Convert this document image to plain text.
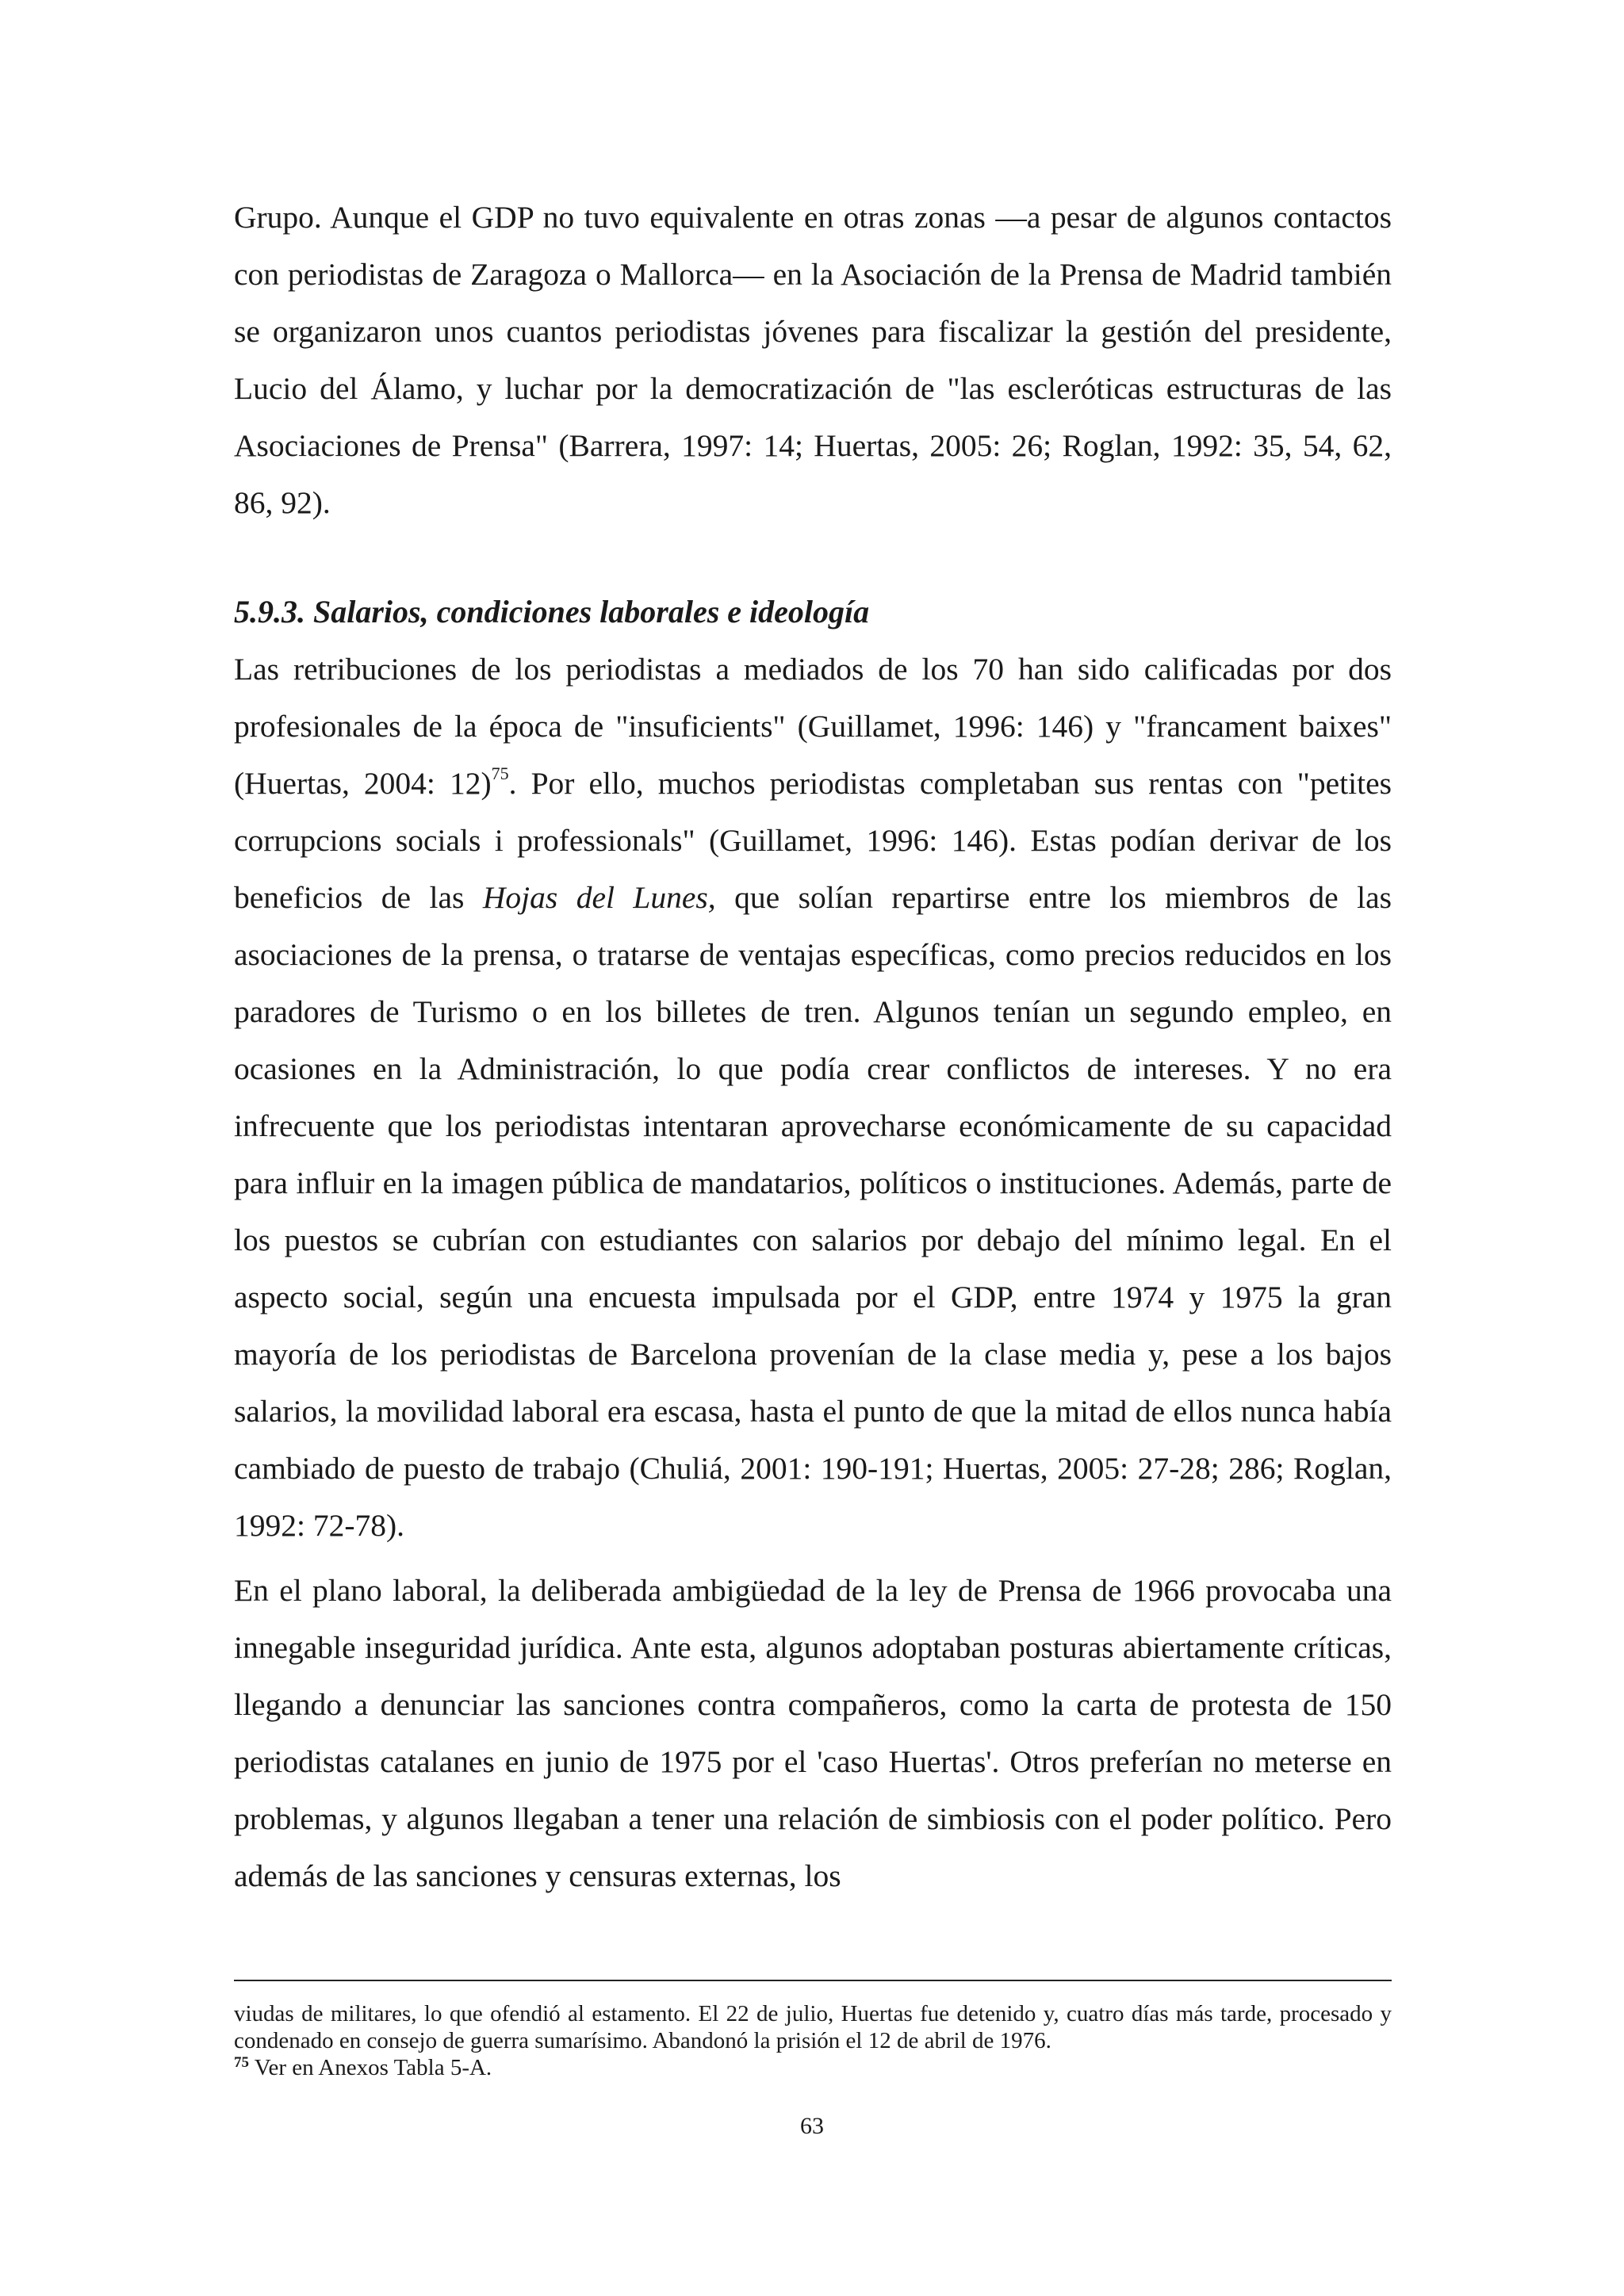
Grupo. Aunque el GDP no tuvo equivalente en otras zonas —a pesar de algunos contactos con periodistas de Zaragoza o Mallorca— en la Asociación de la Prensa de Madrid también se organizaron unos cuantos periodistas jóvenes para fiscalizar la gestión del presidente, Lucio del Álamo, y luchar por la democratización de "las escleróticas estructuras de las Asociaciones de Prensa" (Barrera, 1997: 14; Huertas, 2005: 26; Roglan, 1992: 35, 54, 62, 86, 92).

5.9.3. Salarios, condiciones laborales e ideología

Las retribuciones de los periodistas a mediados de los 70 han sido calificadas por dos profesionales de la época de "insuficients" (Guillamet, 1996: 146) y "francament baixes" (Huertas, 2004: 12)$^{75}$. Por ello, muchos periodistas completaban sus rentas con "petites corrupcions socials i professionals" (Guillamet, 1996: 146). Estas podían derivar de los beneficios de las Hojas del Lunes, que solían repartirse entre los miembros de las asociaciones de la prensa, o tratarse de ventajas específicas, como precios reducidos en los paradores de Turismo o en los billetes de tren. Algunos tenían un segundo empleo, en ocasiones en la Administración, lo que podía crear conflictos de intereses. Y no era infrecuente que los periodistas intentaran aprovecharse económicamente de su capacidad para influir en la imagen pública de mandatarios, políticos o instituciones. Además, parte de los puestos se cubrían con estudiantes con salarios por debajo del mínimo legal. En el aspecto social, según una encuesta impulsada por el GDP, entre 1974 y 1975 la gran mayoría de los periodistas de Barcelona provenían de la clase media y, pese a los bajos salarios, la movilidad laboral era escasa, hasta el punto de que la mitad de ellos nunca había cambiado de puesto de trabajo (Chuliá, 2001: 190-191; Huertas, 2005: 27-28; 286; Roglan, 1992: 72-78).

En el plano laboral, la deliberada ambigüedad de la ley de Prensa de 1966 provocaba una innegable inseguridad jurídica. Ante esta, algunos adoptaban posturas abiertamente críticas, llegando a denunciar las sanciones contra compañeros, como la carta de protesta de 150 periodistas catalanes en junio de 1975 por el 'caso Huertas'. Otros preferían no meterse en problemas, y algunos llegaban a tener una relación de simbiosis con el poder político. Pero además de las sanciones y censuras externas, los

viudas de militares, lo que ofendió al estamento. El 22 de julio, Huertas fue detenido y, cuatro días más tarde, procesado y condenado en consejo de guerra sumarísimo. Abandonó la prisión el 12 de abril de 1976.

$^{75}$ Ver en Anexos Tabla 5-A.

63
